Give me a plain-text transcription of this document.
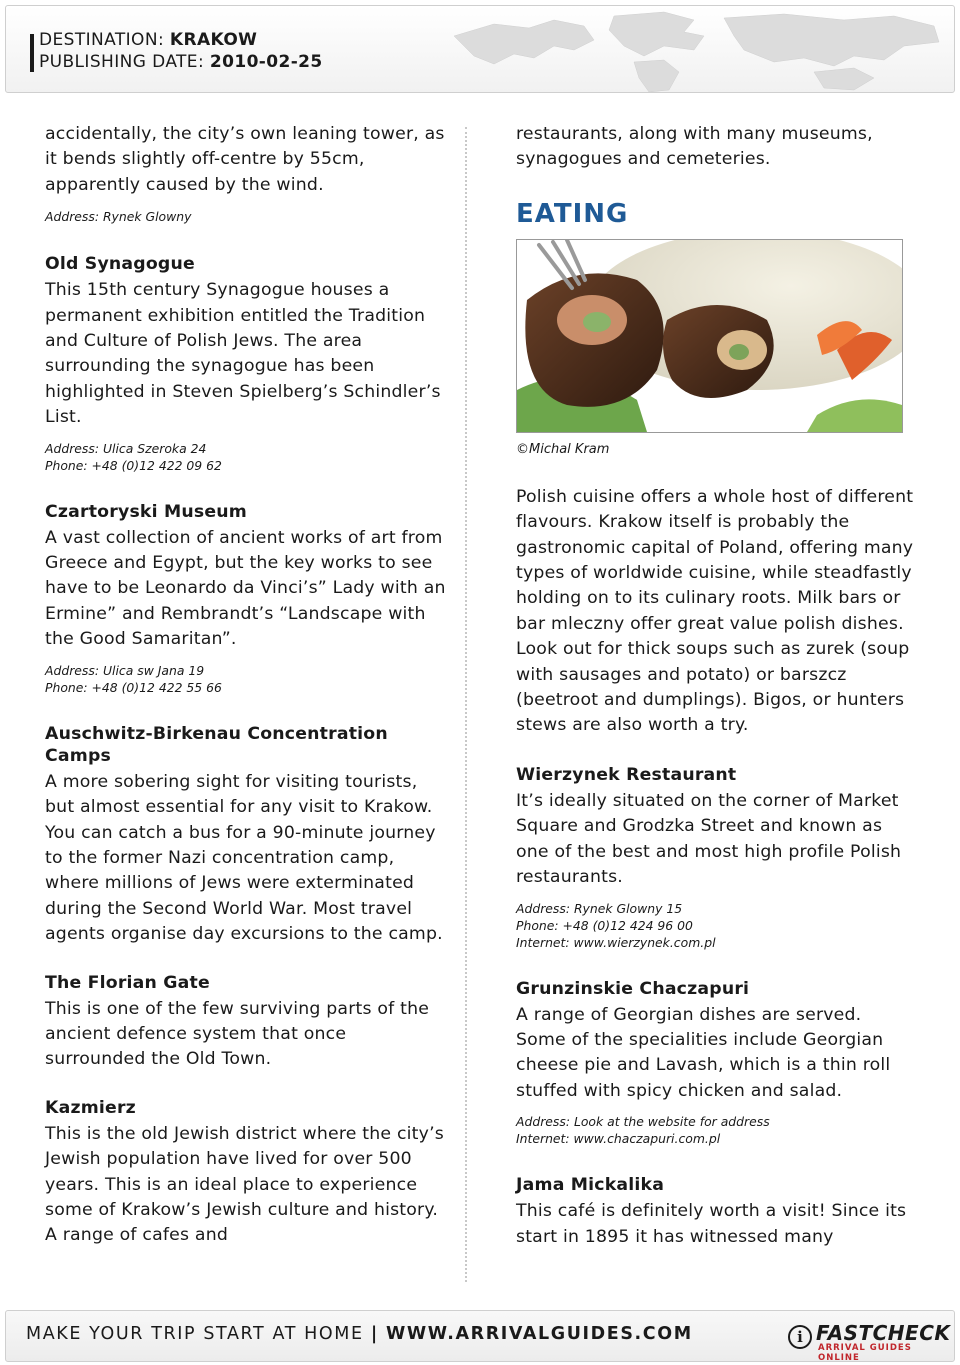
DESTINATION: KRAKOW
PUBLISHING DATE: 2010-02-25

accidentally, the city’s own leaning tower, as it bends slightly off-centre by 55cm, apparently caused by the wind.

Address: Rynek Glowny

Old Synagogue

This 15th century Synagogue houses a permanent exhibition entitled the Tradition and Culture of Polish Jews. The area surrounding the synagogue has been highlighted in Steven Spielberg’s Schindler’s List.

Address: Ulica Szeroka 24

Phone: +48 (0)12 422 09 62

Czartoryski Museum

A vast collection of ancient works of art from Greece and Egypt, but the key works to see have to be Leonardo da Vinci’s” Lady with an Ermine” and Rembrandt’s “Landscape with the Good Samaritan”.

Address: Ulica sw Jana 19

Phone: +48 (0)12 422 55 66

Auschwitz-Birkenau Concentration Camps

A more sobering sight for visiting tourists, but almost essential for any visit to Krakow. You can catch a bus for a 90-minute journey to the former Nazi concentration camp, where millions of Jews were exterminated during the Second World War. Most travel agents organise day excursions to the camp.

The Florian Gate

This is one of the few surviving parts of the ancient defence system that once surrounded the Old Town.

Kazmierz

This is the old Jewish district where the city’s Jewish population have lived for over 500 years. This is an ideal place to experience some of Krakow’s Jewish culture and history. A range of cafes and

restaurants, along with many museums, synagogues and cemeteries.

EATING

©Michal Kram

Polish cuisine offers a whole host of different flavours. Krakow itself is probably the gastronomic capital of Poland, offering many types of worldwide cuisine, while steadfastly holding on to its culinary roots. Milk bars or bar mleczny offer great value polish dishes. Look out for thick soups such as zurek (soup with sausages and potato) or barszcz (beetroot and dumplings). Bigos, or hunters stews are also worth a try.

Wierzynek Restaurant

It’s ideally situated on the corner of Market Square and Grodzka Street and known as one of the best and most high profile Polish restaurants.

Address: Rynek Glowny 15

Phone: +48 (0)12 424 96 00

Internet: www.wierzynek.com.pl

Grunzinskie Chaczapuri

A range of Georgian dishes are served. Some of the specialities include Georgian cheese pie and Lavash, which is a thin roll stuffed with spicy chicken and salad.

Address: Look at the website for address

Internet: www.chaczapuri.com.pl

Jama Mickalika

This café is definitely worth a visit! Since its start in 1895 it has witnessed many

MAKE YOUR TRIP START AT HOME | WWW.ARRIVALGUIDES.COM	i FASTCHECK
ARRIVAL GUIDES ONLINE
